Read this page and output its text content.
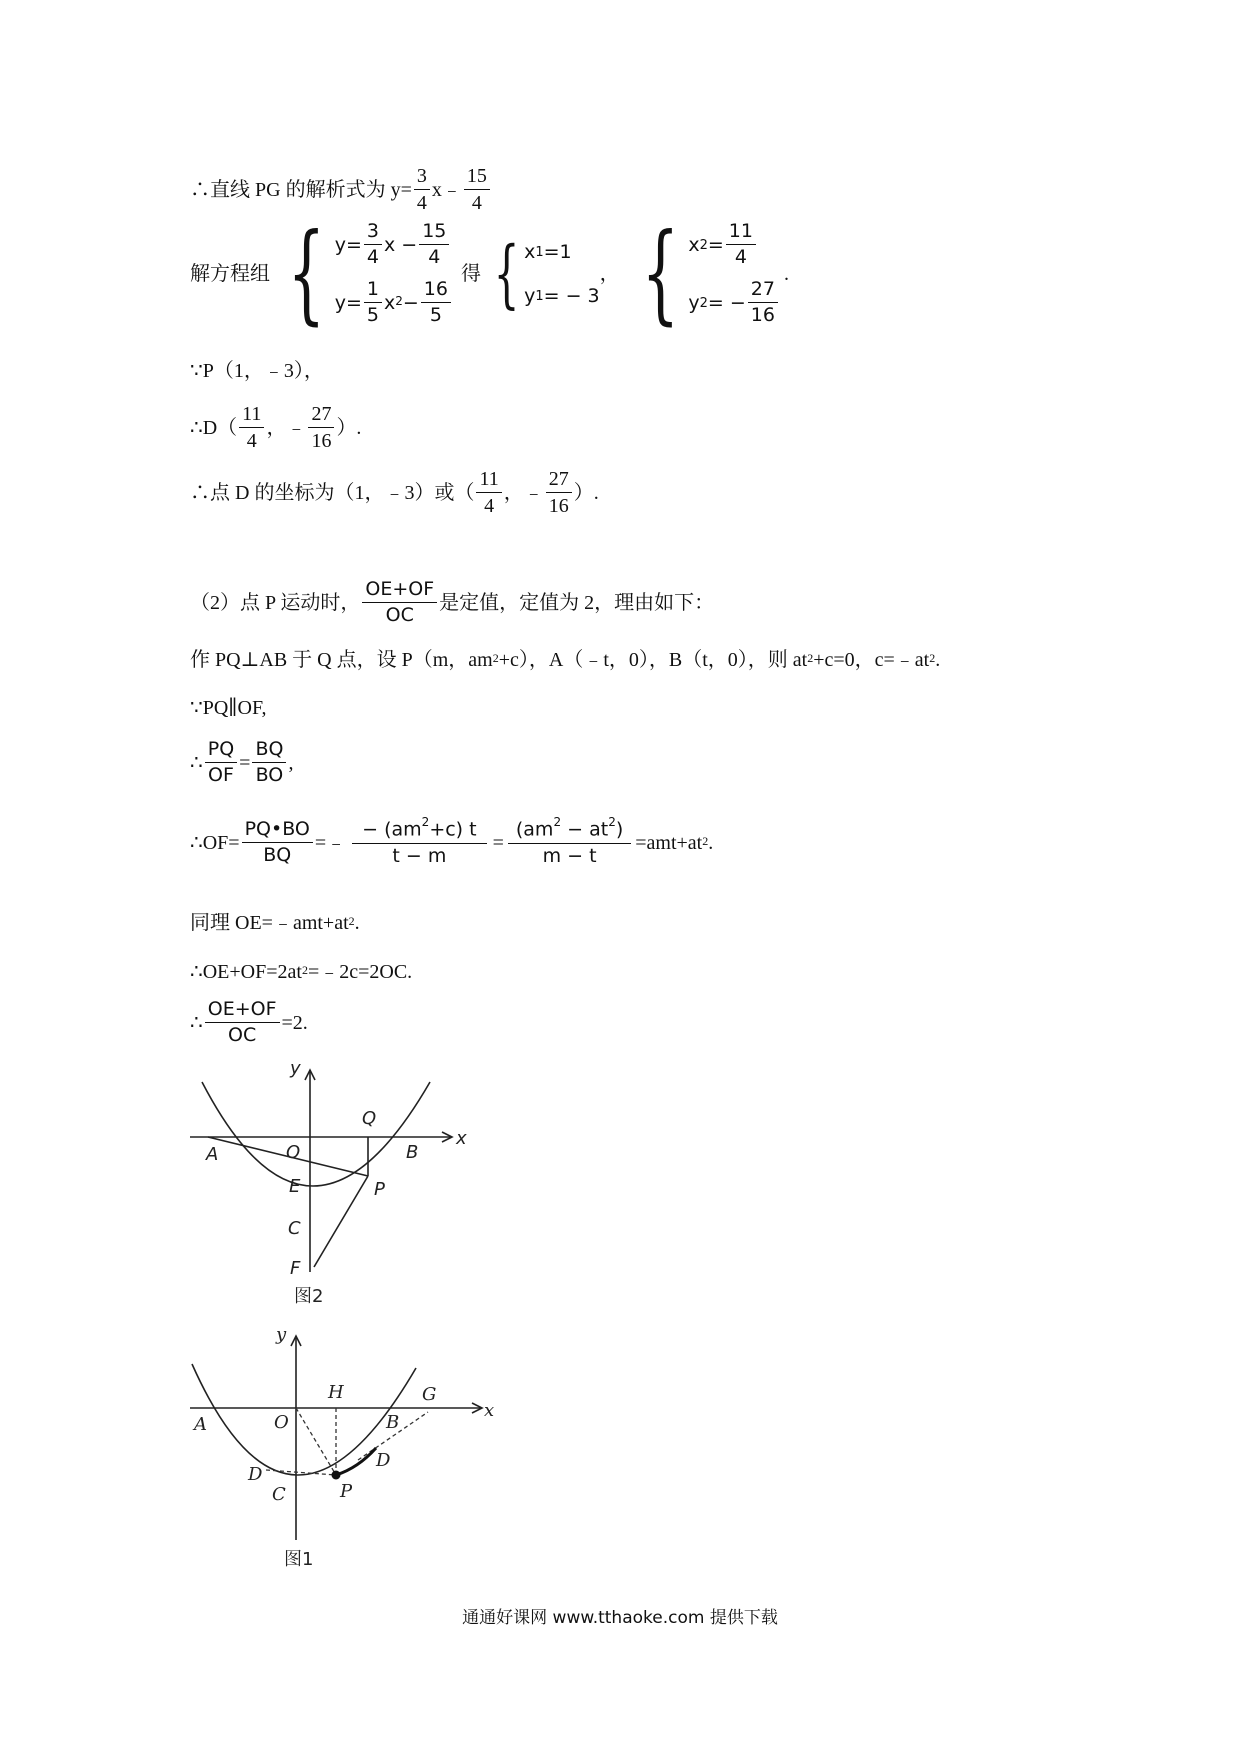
∴直线 PG 的解析式为 $y= \frac{3}{4}$ x﹣ $\frac{15}{4}$
解方程组 { $y= \frac{3}{4}$ $x - \frac{15}{4}$
$y= \frac{1}{5} x^2 - \frac{16}{5}$
得 { x 1 =1
y 1 = − 3
， { x $2 = \frac{11}{4}$
y 2 = − $\frac{27}{16}$
.
∵P（1，﹣3），
∴D（ $\frac{11}{4}$ ，﹣ $\frac{27}{16}$ ）.
∴点 D 的坐标为（1，﹣3）或（ $\frac{11}{4}$ ，﹣ $\frac{27}{16}$ ）.
（2）点 P 运动时， $\frac{OE+OF}{OC}$ 是定值，定值为 2，理由如下：
作 PQ⊥AB 于 Q 点，设 P（m，$am^2 +c$），A（﹣t，0），B（t，0），则 $at^2 +c=0$，$c=﹣at^2$ .
∵PQ∥OF,
∴ $\frac{PQ}{OF} = \frac{BQ}{BO}$ ,
∴OF= $\frac{PQ•BO}{BQ}$ =﹣ $\frac{- (am^2+c) t}{t - m} = \frac{(am^2 - at^2)}{m - t} =amt+at^2$ .
同理 $OE=﹣amt+at^2$ .
$\therefore OE+OF=2at^2$ =﹣2c=2OC.
∴ $\frac{OE+OF}{OC} =2$.
y
x
Q
A	O	B
E	P
C
F
图2
y
x
H	G
A	O	B
D
D
C	P
图1
通通好课网 www.tthaoke.com 提供下载
